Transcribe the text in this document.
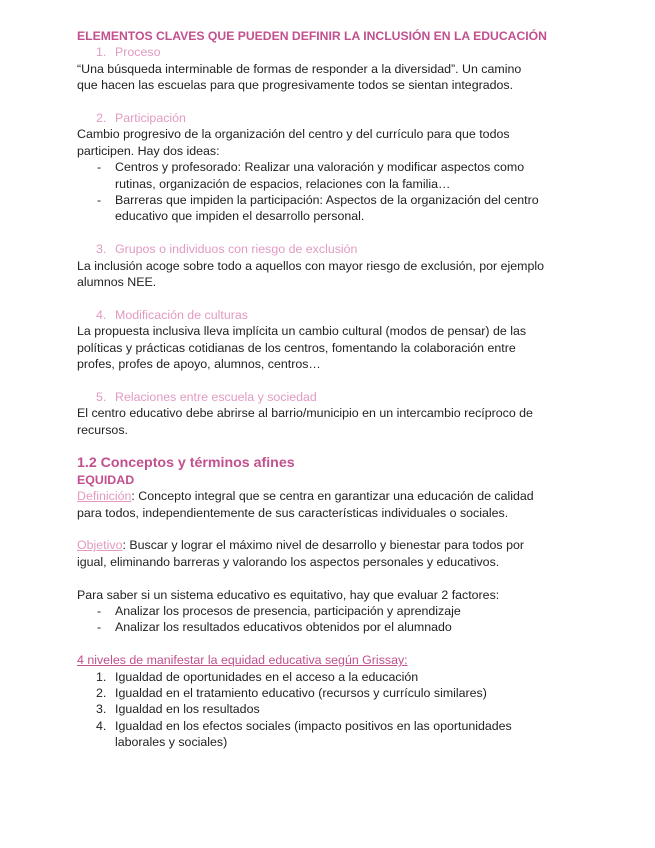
ELEMENTOS CLAVES QUE PUEDEN DEFINIR LA INCLUSIÓN EN LA EDUCACIÓN

1. Proceso

“Una búsqueda interminable de formas de responder a la diversidad”. Un camino

que hacen las escuelas para que progresivamente todos se sientan integrados.

2. Participación

Cambio progresivo de la organización del centro y del currículo para que todos

participen. Hay dos ideas:

- Centros y profesorado: Realizar una valoración y modificar aspectos como
rutinas, organización de espacios, relaciones con la familia…
- Barreras que impiden la participación: Aspectos de la organización del centro
educativo que impiden el desarrollo personal.

3. Grupos o individuos con riesgo de exclusión

La inclusión acoge sobre todo a aquellos con mayor riesgo de exclusión, por ejemplo

alumnos NEE.

4. Modificación de culturas

La propuesta inclusiva lleva implícita un cambio cultural (modos de pensar) de las

políticas y prácticas cotidianas de los centros, fomentando la colaboración entre

profes, profes de apoyo, alumnos, centros…

5. Relaciones entre escuela y sociedad

El centro educativo debe abrirse al barrio/municipio en un intercambio recíproco de

recursos.

1.2 Conceptos y términos afines

EQUIDAD

Definición: Concepto integral que se centra en garantizar una educación de calidad

para todos, independientemente de sus características individuales o sociales.

Objetivo: Buscar y lograr el máximo nivel de desarrollo y bienestar para todos por

igual, eliminando barreras y valorando los aspectos personales y educativos.

Para saber si un sistema educativo es equitativo, hay que evaluar 2 factores:

- Analizar los procesos de presencia, participación y aprendizaje
- Analizar los resultados educativos obtenidos por el alumnado

4 niveles de manifestar la equidad educativa según Grissay:

1. Igualdad de oportunidades en el acceso a la educación
2. Igualdad en el tratamiento educativo (recursos y currículo similares)
3. Igualdad en los resultados
4. Igualdad en los efectos sociales (impacto positivos en las oportunidades
laborales y sociales)
